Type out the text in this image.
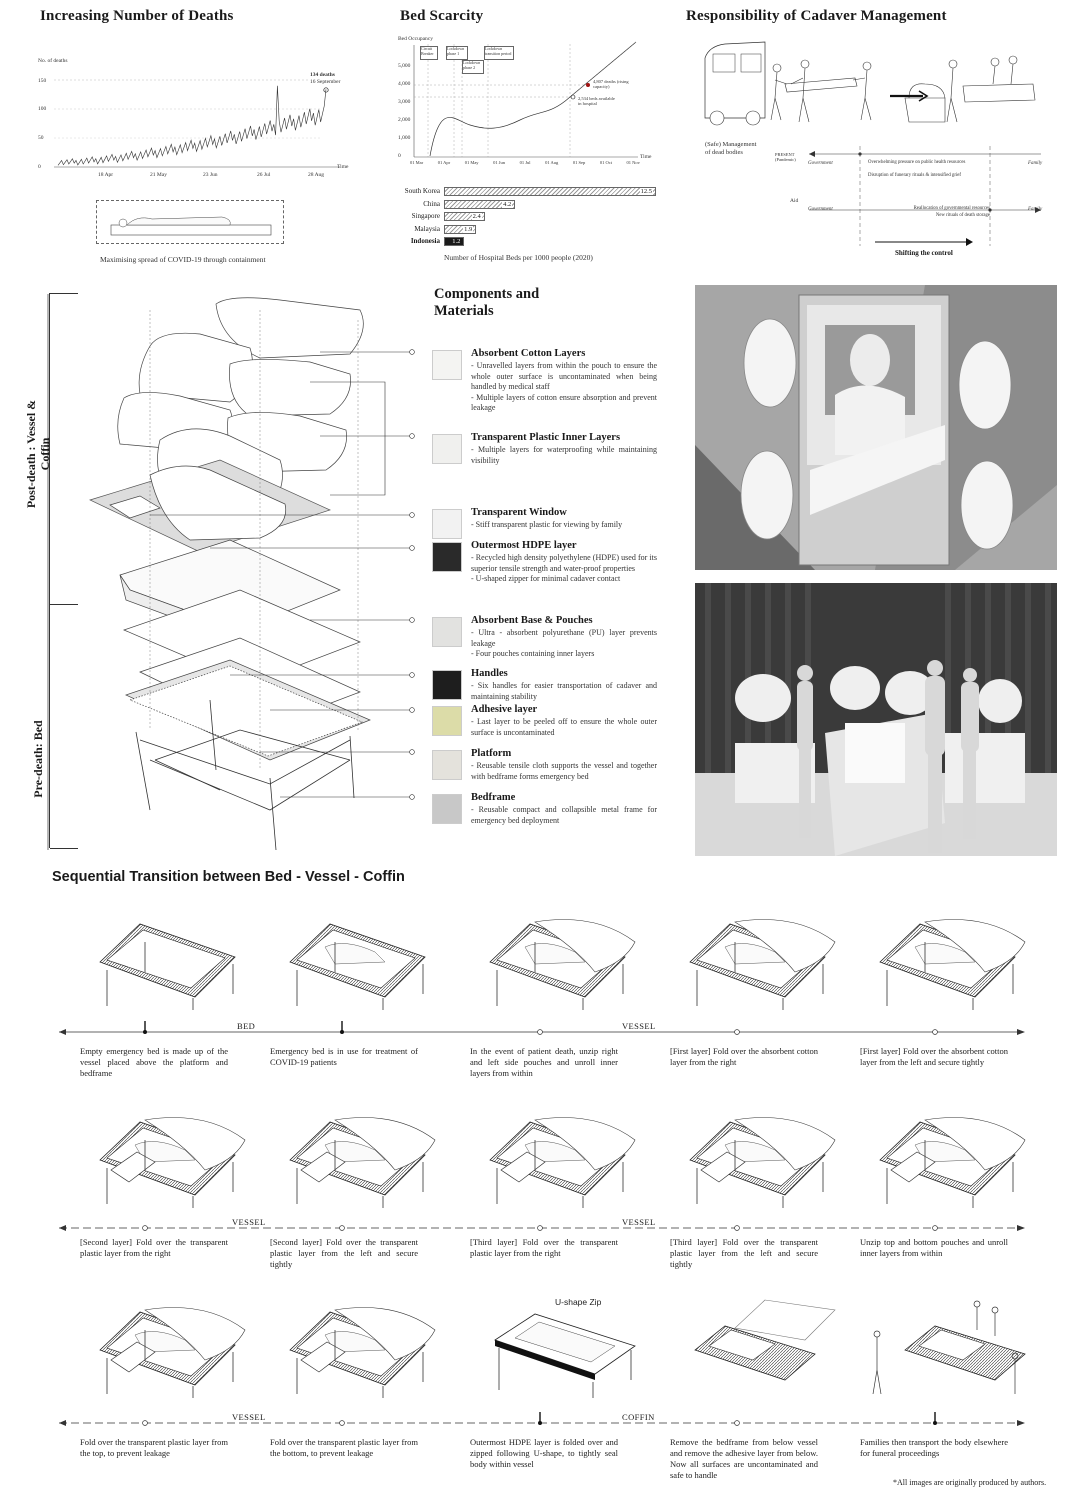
Increasing Number of Deaths
No. of deaths
Time
150
100
50
0
18 Apr	21 May	23 Jun	26 Jul	28 Aug
134 deaths
16 September
Maximising spread of COVID-19 through containment
Bed Scarcity
Bed Occupancy
5,000
4,000
3,000
2,000
1,000
0
Circuit Breaker
Lockdown phase 1
Lockdown phase 2
Lockdown transition period
4,807 deaths (rising capacity)
2,534 beds available in hospital
01 Mar	01 Apr	01 May	01 Jun	01 Jul	01 Aug	01 Sep	01 Oct	01 Nov
Time
South Korea	12.5
China	4.2
Singapore	2.4
Malaysia	1.9
Indonesia 1.2
Number of Hospital Beds per 1000 people (2020)
Responsibility of Cadaver Management
(Safe) Management of dead bodies	PRESENT (Pandemic)
Government	Family
Overwhelming pressure on public health resources
Disruption of funerary rituals & intensified grief
Aid
Government	Family
Reallocation of governmental resources
New rituals of death storage
Shifting the control
Post-death : Vessel & Coffin
Pre-death: Bed
Components and
Materials
Absorbent Cotton Layers
- Unravelled layers from within the pouch to ensure the whole outer surface is uncontaminated when being handled by medical staff
- Multiple layers of cotton ensure absorption and prevent leakage
Transparent Plastic Inner Layers
- Multiple layers for waterproofing while maintaining visibility
Transparent Window
- Stiff transparent plastic for viewing by family
Outermost HDPE layer
- Recycled high density polyethylene (HDPE) used for its superior tensile strength and water-proof properties
- U-shaped zipper for minimal cadaver contact
Absorbent Base & Pouches
- Ultra - absorbent polyurethane (PU) layer prevents leakage
- Four pouches containing inner layers
Handles
- Six handles for easier transportation of cadaver and maintaining stability
Adhesive layer
- Last layer to be peeled off to ensure the whole outer surface is uncontaminated
Platform
- Reusable tensile cloth supports the vessel and together with bedframe forms emergency bed
Bedframe
- Reusable compact and collapsible metal frame for emergency bed deployment
Sequential Transition between Bed - Vessel - Coffin
Empty emergency bed is made up of the vessel placed above the platform and bedframe
Emergency bed is in use for treatment of COVID-19 patients
In the event of patient death, unzip right and left side pouches and unroll inner layers from within
[First layer] Fold over the absorbent cotton layer from the right
[First layer] Fold over the absorbent cotton layer from the left and secure tightly
BED	VESSEL
[Second layer] Fold over the transparent plastic layer from the right
[Second layer] Fold over the transparent plastic layer from the left and secure tightly
[Third layer] Fold over the transparent plastic layer from the right
[Third layer] Fold over the transparent plastic layer from the left and secure tightly
Unzip top and bottom pouches and unroll inner layers from within
VESSEL	VESSEL
Fold over the transparent plastic layer from the top, to prevent leakage
Fold over the transparent plastic layer from the bottom, to prevent leakage
Outermost HDPE layer is folded over and zipped following U-shape, to tightly seal body within vessel
Remove the bedframe from below vessel and remove the adhesive layer from below. Now all surfaces are uncontaminated and safe to handle
Families then transport the body elsewhere for funeral proceedings
VESSEL	COFFIN
U-shape Zip
*All images are originally produced by authors.
